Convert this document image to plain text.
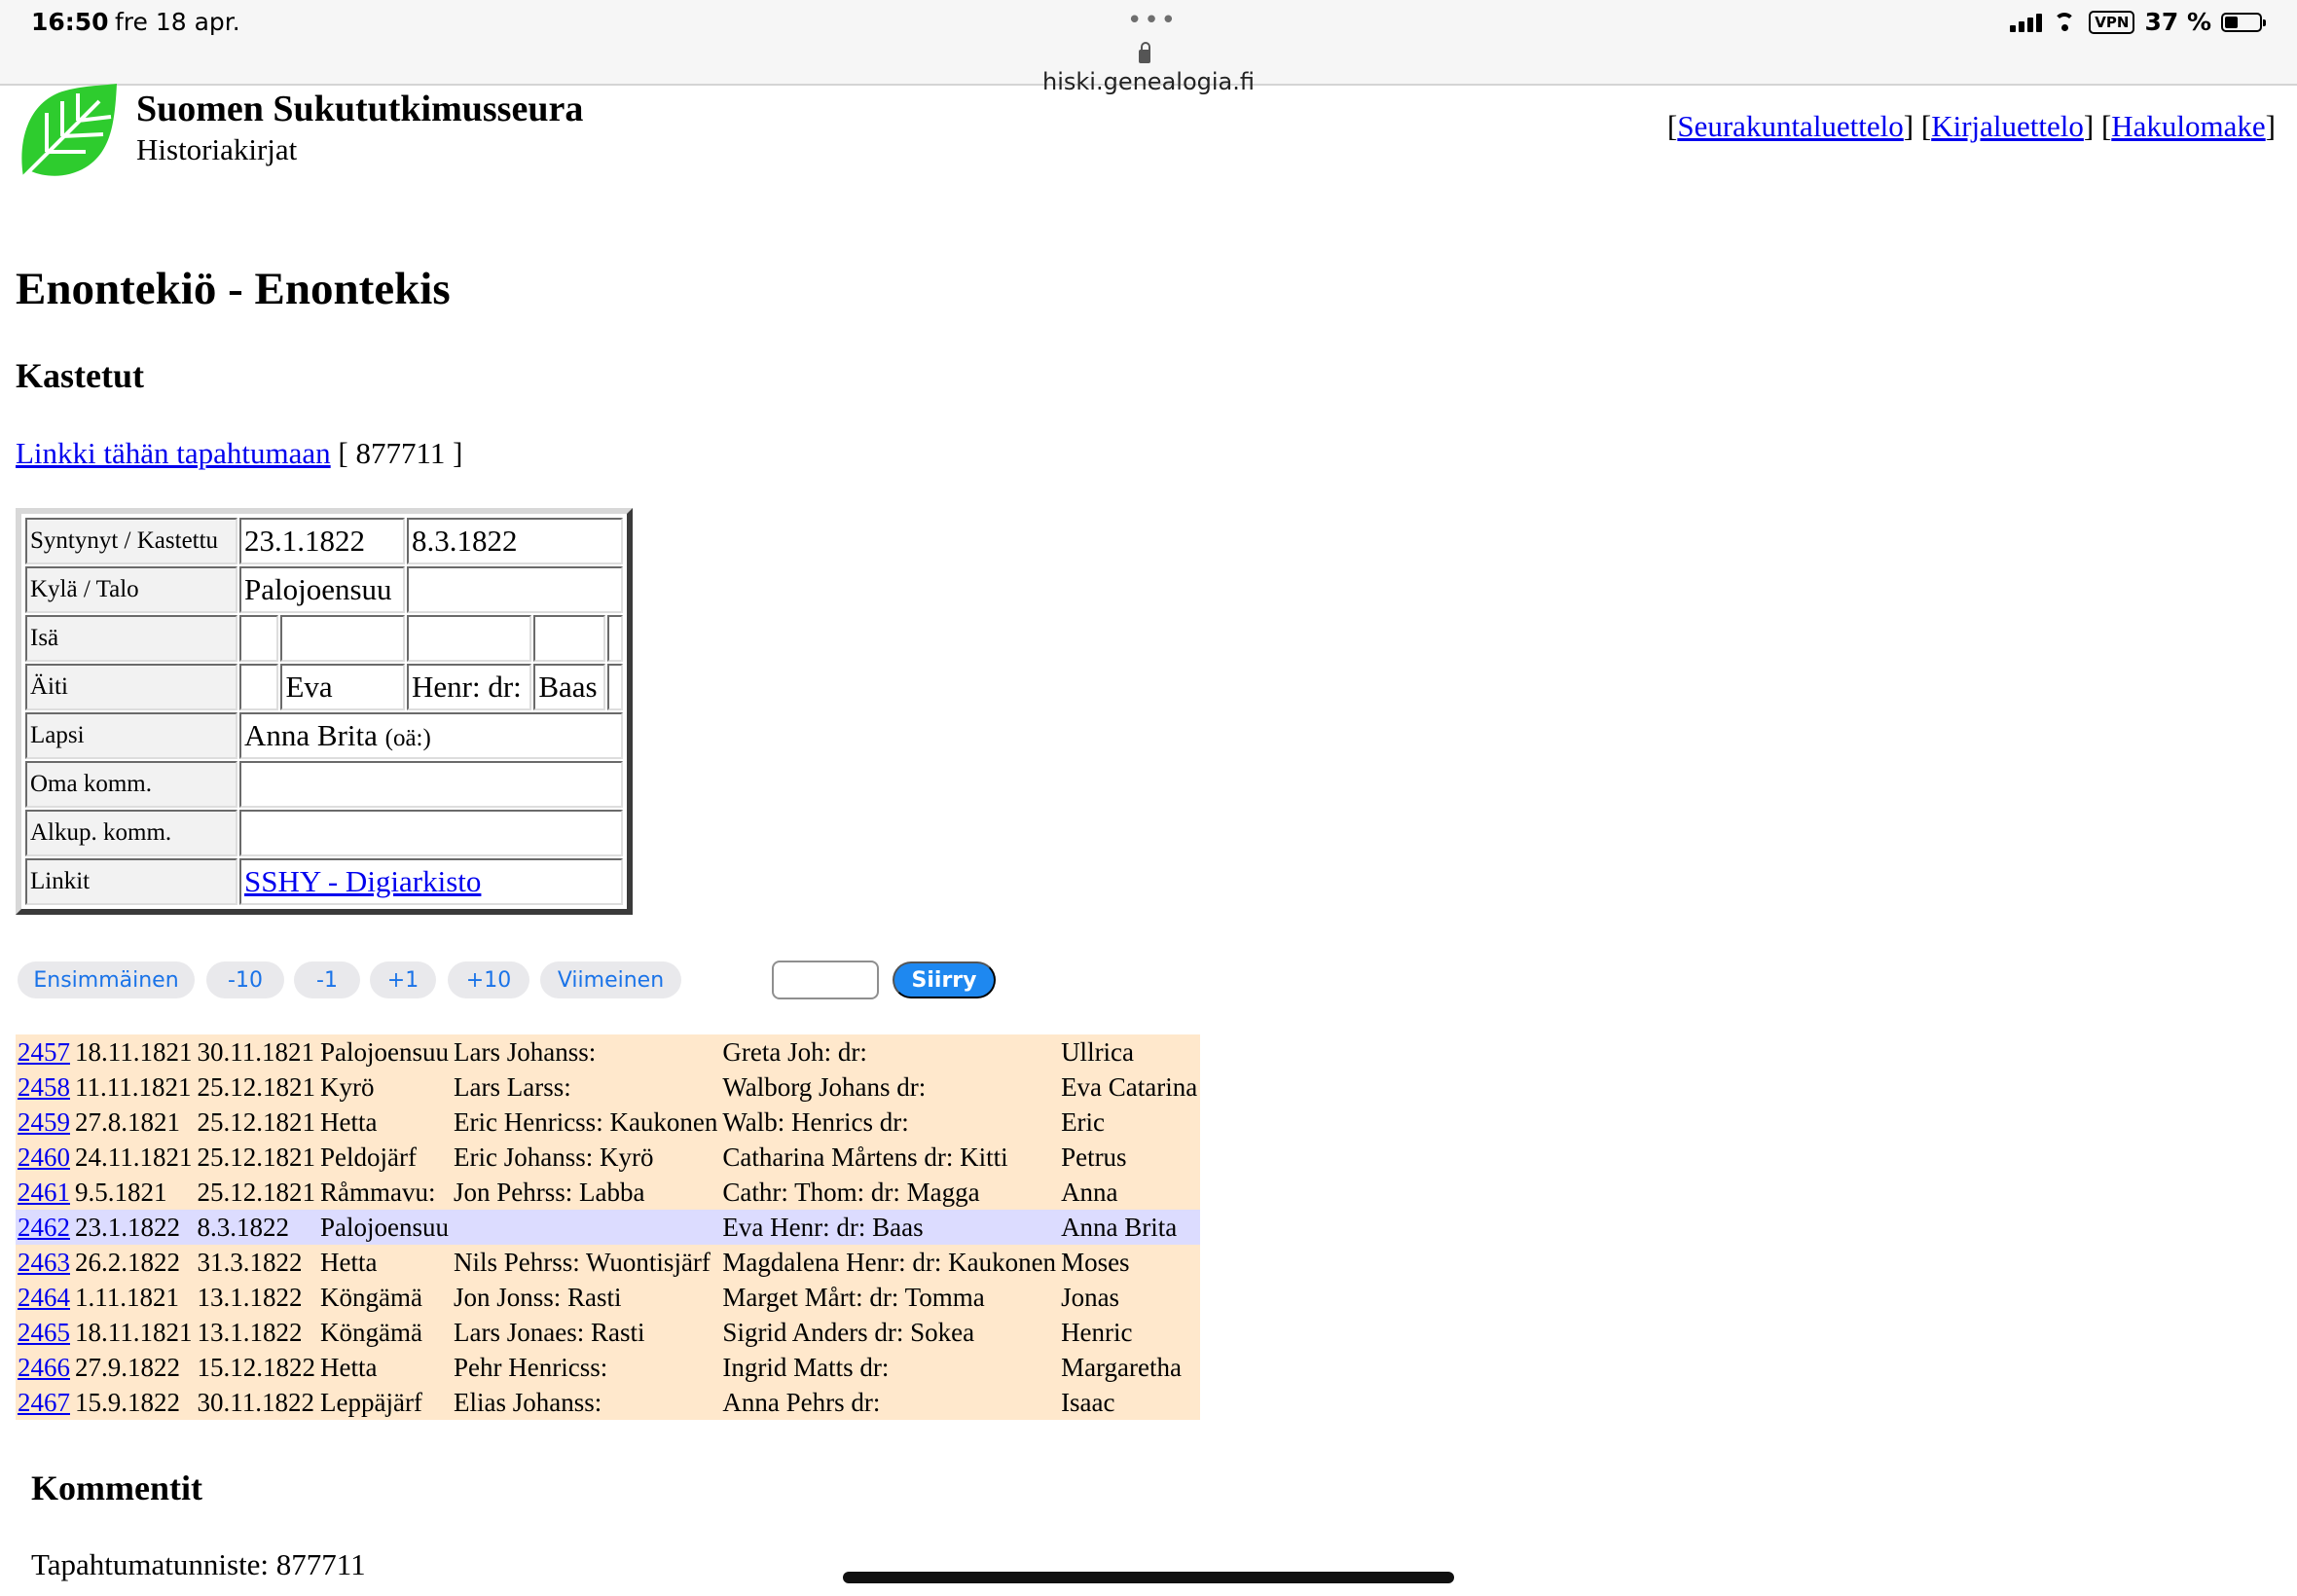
16:50 fre 18 apr.	•••
hiski.genealogia.fi
VPN 37 %
Suomen Sukututkimusseura
Historiakirjat
[Seurakuntaluettelo] [Kirjaluettelo] [Hakulomake]
Enontekiö - Enontekis
Kastetut
Linkki tähän tapahtumaan [ 877711 ]
Syntynyt / Kastettu	23.1.1822		8.3.1822		
Kylä / Talo	Palojoensuu				
Isä					
Äiti		Eva	Henr: dr:	Baas	
Lapsi	Anna Brita (oä:)				
Oma komm.					
Alkup. komm.					
Linkit	SSHY - Digiarkisto				
Ensimmäinen	-10	-1	+1	+10	Viimeinen	Siirry
2457	18.11.1821	30.11.1821	Palojoensuu	Lars Johanss:	Greta Joh: dr:	Ullrica
2458	11.11.1821	25.12.1821	Kyrö	Lars Larss:	Walborg Johans dr:	Eva Catarina
2459	27.8.1821	25.12.1821	Hetta	Eric Henricss: Kaukonen	Walb: Henrics dr:	Eric
2460	24.11.1821	25.12.1821	Peldojärf	Eric Johanss: Kyrö	Catharina Mårtens dr: Kitti	Petrus
2461	9.5.1821	25.12.1821	Råmmavu:	Jon Pehrss: Labba	Cathr: Thom: dr: Magga	Anna
2462	23.1.1822	8.3.1822	Palojoensuu		Eva Henr: dr: Baas	Anna Brita
2463	26.2.1822	31.3.1822	Hetta	Nils Pehrss: Wuontisjärf	Magdalena Henr: dr: Kaukonen	Moses
2464	1.11.1821	13.1.1822	Köngämä	Jon Jonss: Rasti	Marget Mårt: dr: Tomma	Jonas
2465	18.11.1821	13.1.1822	Köngämä	Lars Jonaes: Rasti	Sigrid Anders dr: Sokea	Henric
2466	27.9.1822	15.12.1822	Hetta	Pehr Henricss:	Ingrid Matts dr:	Margaretha
2467	15.9.1822	30.11.1822	Leppäjärf	Elias Johanss:	Anna Pehrs dr:	Isaac
Kommentit
Tapahtumatunniste: 877711
